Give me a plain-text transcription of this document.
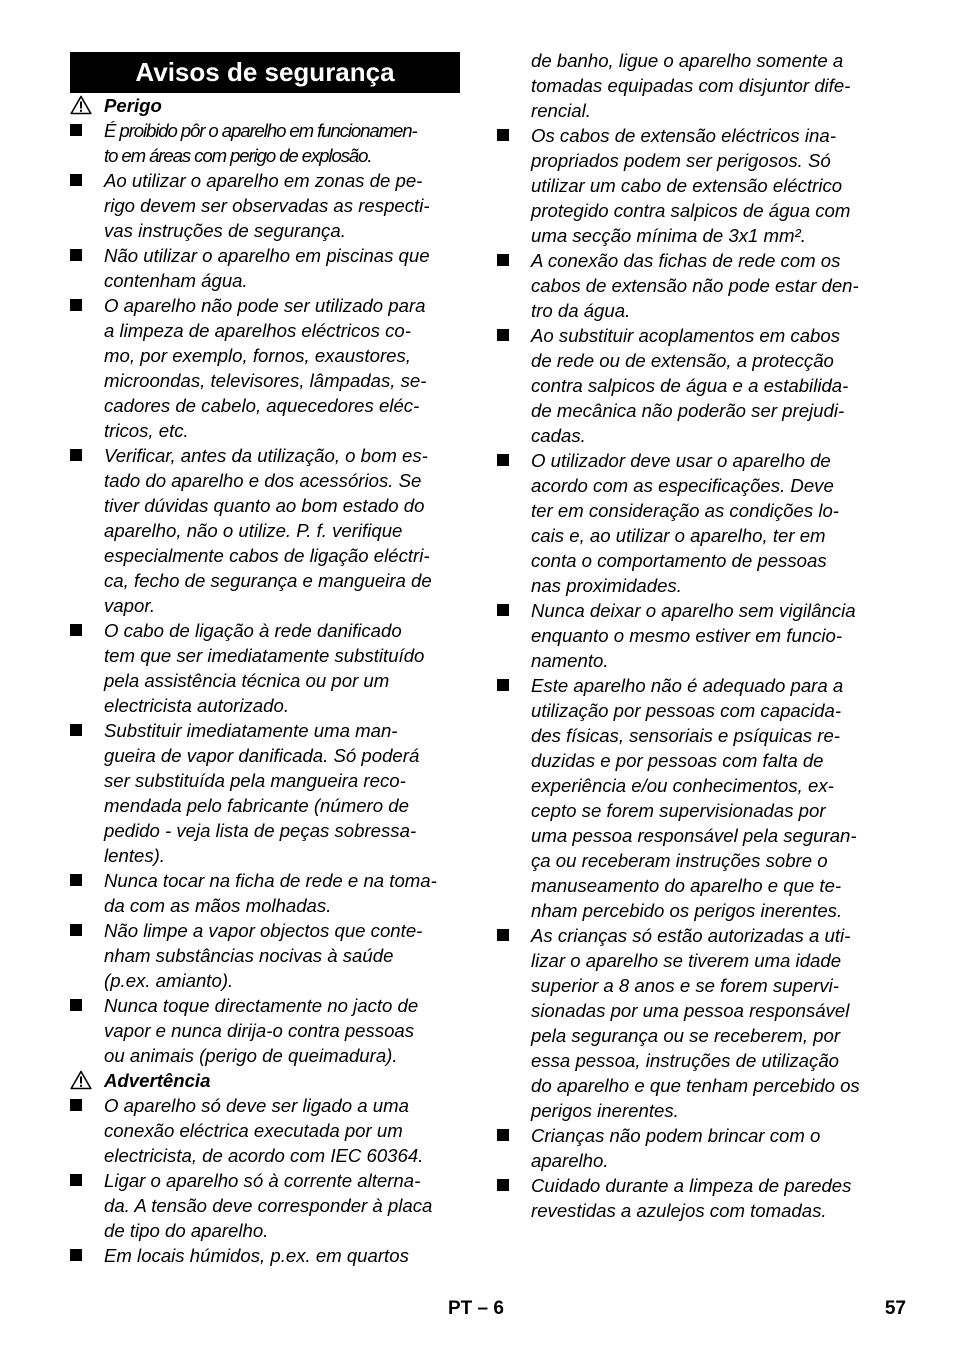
Avisos de segurança
Perigo
É proibido pôr o aparelho em funcionamen-
to em áreas com perigo de explosão.
Ao utilizar o aparelho em zonas de pe-
rigo devem ser observadas as respecti-
vas instruções de segurança.
Não utilizar o aparelho em piscinas que
contenham água.
O aparelho não pode ser utilizado para
a limpeza de aparelhos eléctricos co-
mo, por exemplo, fornos, exaustores,
microondas, televisores, lâmpadas, se-
cadores de cabelo, aquecedores eléc-
tricos, etc.
Verificar, antes da utilização, o bom es-
tado do aparelho e dos acessórios. Se
tiver dúvidas quanto ao bom estado do
aparelho, não o utilize. P. f. verifique
especialmente cabos de ligação eléctri-
ca, fecho de segurança e mangueira de
vapor.
O cabo de ligação à rede danificado
tem que ser imediatamente substituído
pela assistência técnica ou por um
electricista autorizado.
Substituir imediatamente uma man-
gueira de vapor danificada. Só poderá
ser substituída pela mangueira reco-
mendada pelo fabricante (número de
pedido - veja lista de peças sobressa-
lentes).
Nunca tocar na ficha de rede e na toma-
da com as mãos molhadas.
Não limpe a vapor objectos que conte-
nham substâncias nocivas à saúde
(p.ex. amianto).
Nunca toque directamente no jacto de
vapor e nunca dirija-o contra pessoas
ou animais (perigo de queimadura).
Advertência
O aparelho só deve ser ligado a uma
conexão eléctrica executada por um
electricista, de acordo com IEC 60364.
Ligar o aparelho só à corrente alterna-
da. A tensão deve corresponder à placa
de tipo do aparelho.
Em locais húmidos, p.ex. em quartos
de banho, ligue o aparelho somente a
tomadas equipadas com disjuntor dife-
rencial.
Os cabos de extensão eléctricos ina-
propriados podem ser perigosos. Só
utilizar um cabo de extensão eléctrico
protegido contra salpicos de água com
uma secção mínima de 3x1 mm².
A conexão das fichas de rede com os
cabos de extensão não pode estar den-
tro da água.
Ao substituir acoplamentos em cabos
de rede ou de extensão, a protecção
contra salpicos de água e a estabilida-
de mecânica não poderão ser prejudi-
cadas.
O utilizador deve usar o aparelho de
acordo com as especificações. Deve
ter em consideração as condições lo-
cais e, ao utilizar o aparelho, ter em
conta o comportamento de pessoas
nas proximidades.
Nunca deixar o aparelho sem vigilância
enquanto o mesmo estiver em funcio-
namento.
Este aparelho não é adequado para a
utilização por pessoas com capacida-
des físicas, sensoriais e psíquicas re-
duzidas e por pessoas com falta de
experiência e/ou conhecimentos, ex-
cepto se forem supervisionadas por
uma pessoa responsável pela seguran-
ça ou receberam instruções sobre o
manuseamento do aparelho e que te-
nham percebido os perigos inerentes.
As crianças só estão autorizadas a uti-
lizar o aparelho se tiverem uma idade
superior a 8 anos e se forem supervi-
sionadas por uma pessoa responsável
pela segurança ou se receberem, por
essa pessoa, instruções de utilização
do aparelho e que tenham percebido os
perigos inerentes.
Crianças não podem brincar com o
aparelho.
Cuidado durante a limpeza de paredes
revestidas a azulejos com tomadas.
PT – 6	57
